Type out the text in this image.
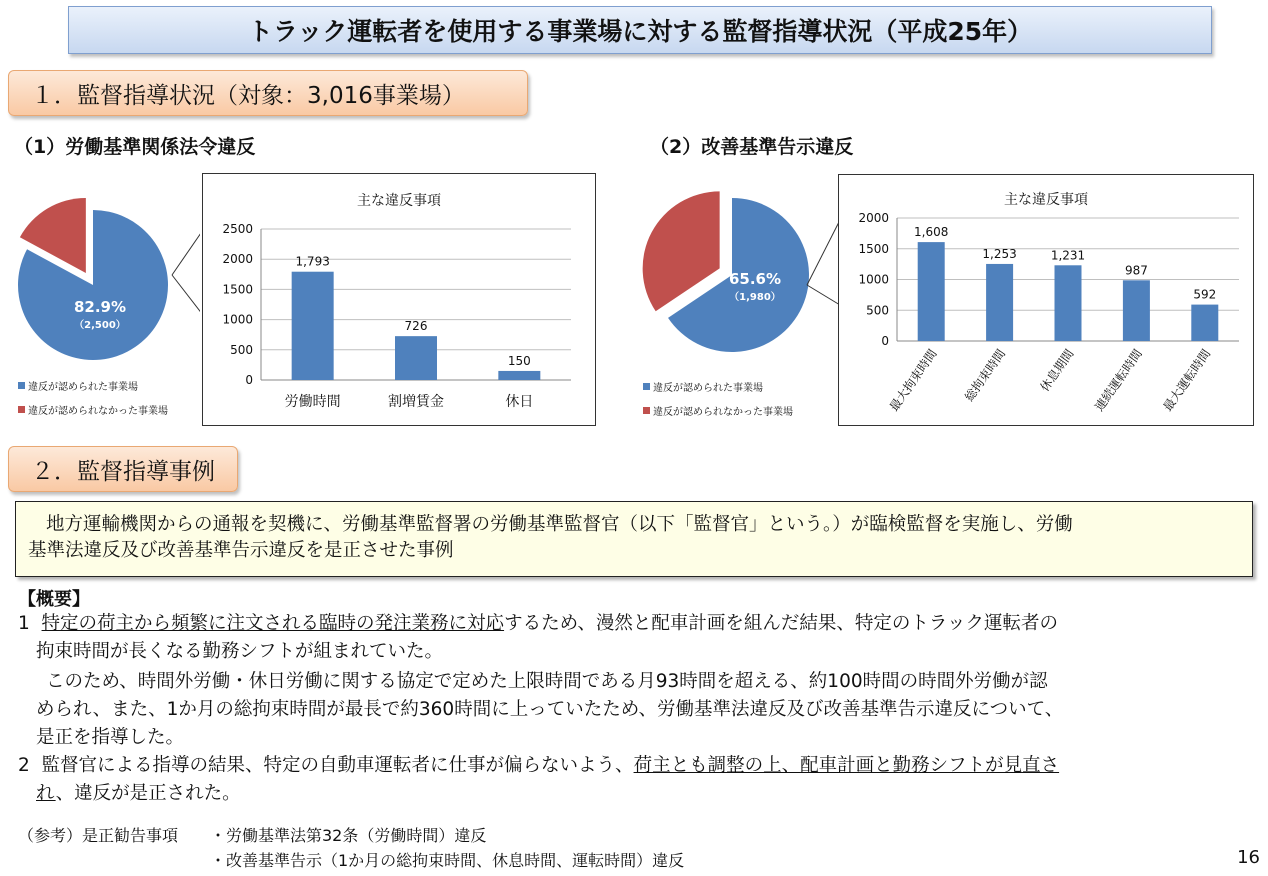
トラック運転者を使用する事業場に対する監督指導状況（平成25年）
１．監督指導状況（対象：3,016事業場）
（1）労働基準関係法令違反	（2）改善基準告示違反
82.9%
（2,500）
違反が認められた事業場
違反が認められなかった事業場
主な違反事項
0
500
1000
1500
2000
2500
1,793
労働時間
726
割増賃金
150
休日
65.6%
（1,980）
違反が認められた事業場
違反が認められなかった事業場
主な違反事項
0
500
1000
1500
2000
1,608
最大拘束時間
1,253
総拘束時間
1,231
休息期間
987
連続運転時間
592
最大運転時間
２．監督指導事例
地方運輸機関からの通報を契機に、労働基準監督署の労働基準監督官（以下「監督官」という。）が臨検監督を実施し、労働
基準法違反及び改善基準告示違反を是正させた事例
【概要】
1 特定の荷主から頻繁に注文される臨時の発注業務に対応するため、漫然と配車計画を組んだ結果、特定のトラック運転者の
拘束時間が長くなる勤務シフトが組まれていた。
このため、時間外労働・休日労働に関する協定で定めた上限時間である月93時間を超える、約100時間の時間外労働が認
められ、また、1か月の総拘束時間が最長で約360時間に上っていたため、労働基準法違反及び改善基準告示違反について、
是正を指導した。
2 監督官による指導の結果、特定の自動車運転者に仕事が偏らないよう、荷主とも調整の上、配車計画と勤務シフトが見直さ
れ、違反が是正された。
（参考）是正勧告事項 ・労働基準法第32条（労働時間）違反
・改善基準告示（1か月の総拘束時間、休息時間、運転時間）違反	16
